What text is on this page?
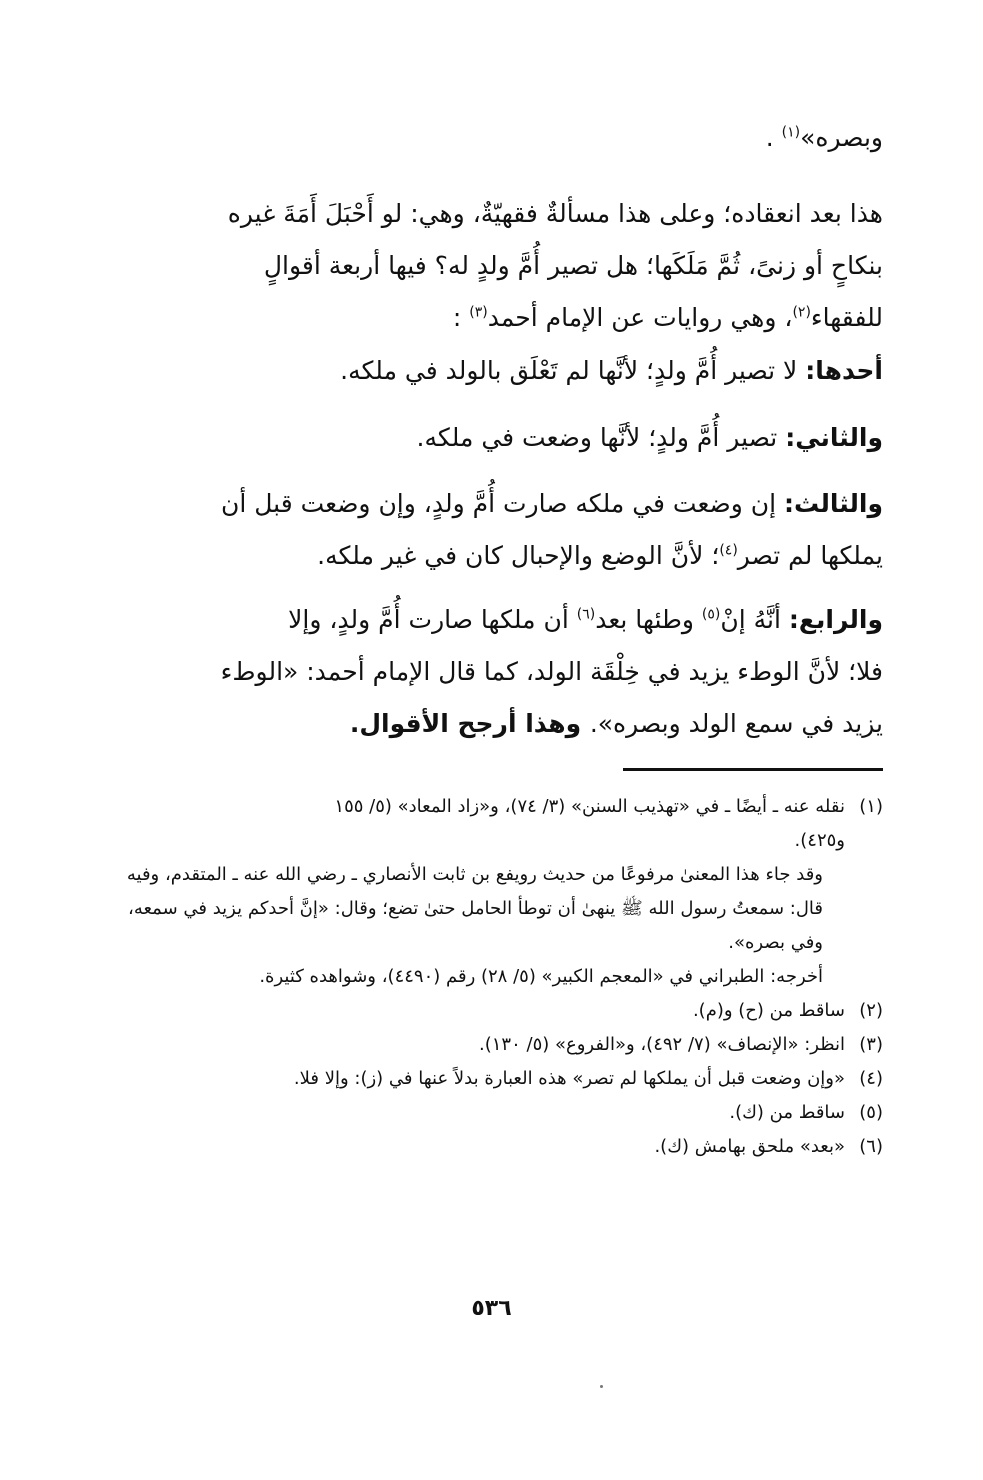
وبصره»$^{(١)}$ .
هذا بعد انعقاده؛ وعلى هذا مسألةٌ فقهيّةٌ، وهي: لو أَحْبَلَ أَمَةَ غيره
بنكاحٍ أو زنىً، ثُمَّ مَلَكَها؛ هل تصير أُمَّ ولدٍ له؟ فيها أربعة أقوالٍ
للفقهاء$^{(٢)}$، وهي روايات عن الإمام أحمد$^{(٣)}$ :
أحدها: لا تصير أُمَّ ولدٍ؛ لأنَّها لم تَعْلَق بالولد في ملكه.
والثاني: تصير أُمَّ ولدٍ؛ لأنَّها وضعت في ملكه.
والثالث: إن وضعت في ملكه صارت أُمَّ ولدٍ، وإن وضعت قبل أن
يملكها لم تصر$^{(٤)}$؛ لأنَّ الوضع والإحبال كان في غير ملكه.
والرابع: أنَّهُ إنْ$^{(٥)}$ وطئها بعد$^{(٦)}$ أن ملكها صارت أُمَّ ولدٍ، وإلا
فلا؛ لأنَّ الوطء يزيد في خِلْقَة الولد، كما قال الإمام أحمد: «الوطء
يزيد في سمع الولد وبصره». وهذا أرجح الأقوال.
(١)
نقله عنه ـ أيضًا ـ في «تهذيب السنن» (٣/ ٧٤)، و«زاد المعاد» (٥/ ١٥٥
و٤٢٥).
وقد جاء هذا المعنىٰ مرفوعًا من حديث رويفع بن ثابت الأنصاري ـ رضي الله عنه ـ المتقدم، وفيه قال: سمعتُ رسول الله ﷺ ينهىٰ أن توطأ الحامل حتىٰ تضع؛ وقال: «إنَّ أحدكم يزيد في سمعه، وفي بصره».
أخرجه: الطبراني في «المعجم الكبير» (٥/ ٢٨) رقم (٤٤٩٠)، وشواهده كثيرة.
(٢)
ساقط من (ح) و(م).
(٣)
انظر: «الإنصاف» (٧/ ٤٩٢)، و«الفروع» (٥/ ١٣٠).
(٤)
«وإن وضعت قبل أن يملكها لم تصر» هذه العبارة بدلاً عنها في (ز): وإلا فلا.
(٥)
ساقط من (ك).
(٦)
«بعد» ملحق بهامش (ك).
٥٣٦
